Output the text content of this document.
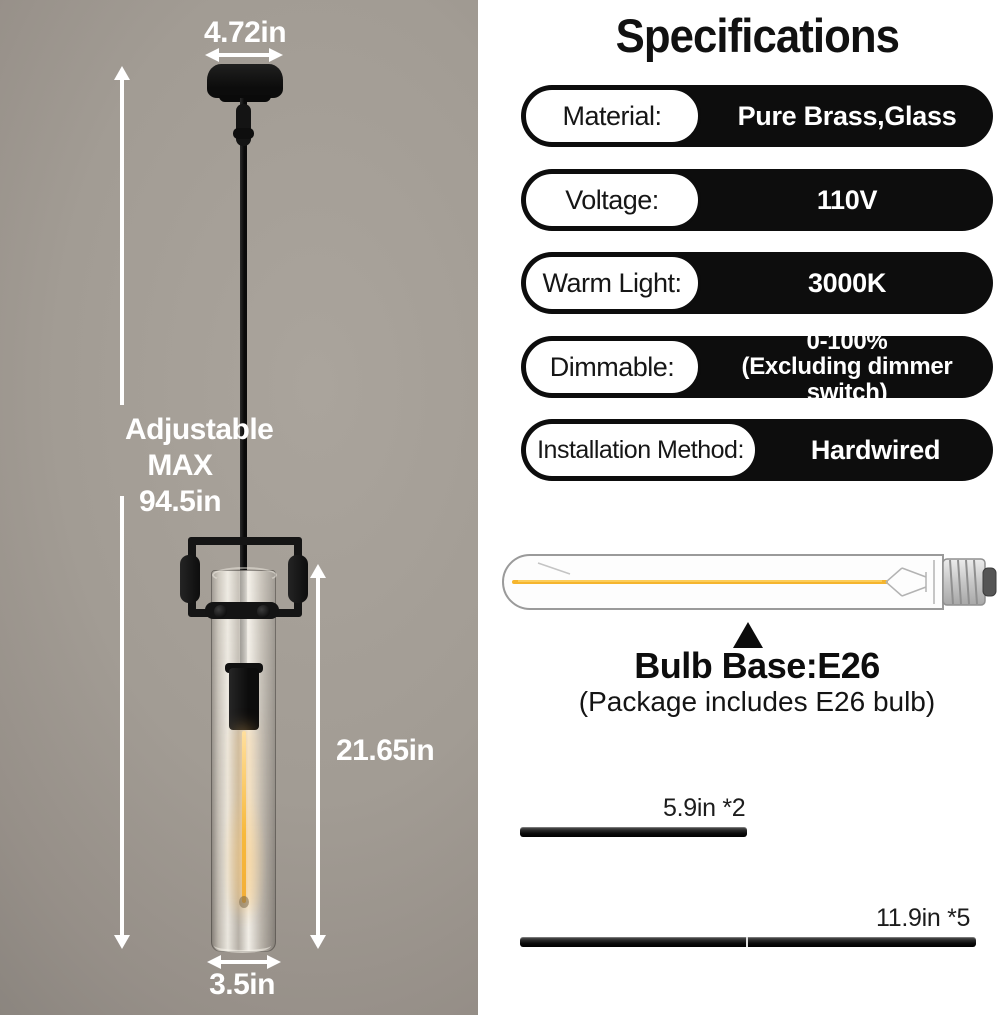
4.72in
Adjustable

MAX 94.5in
21.65in
3.5in
Specifications
Material:	Pure Brass,Glass
Voltage:	110V
Warm Light:	3000K
Dimmable:
0-100%
(Excluding dimmer switch)
Installation Method:	Hardwired
Bulb Base:E26
(Package includes E26 bulb)
5.9in *2
11.9in *5
